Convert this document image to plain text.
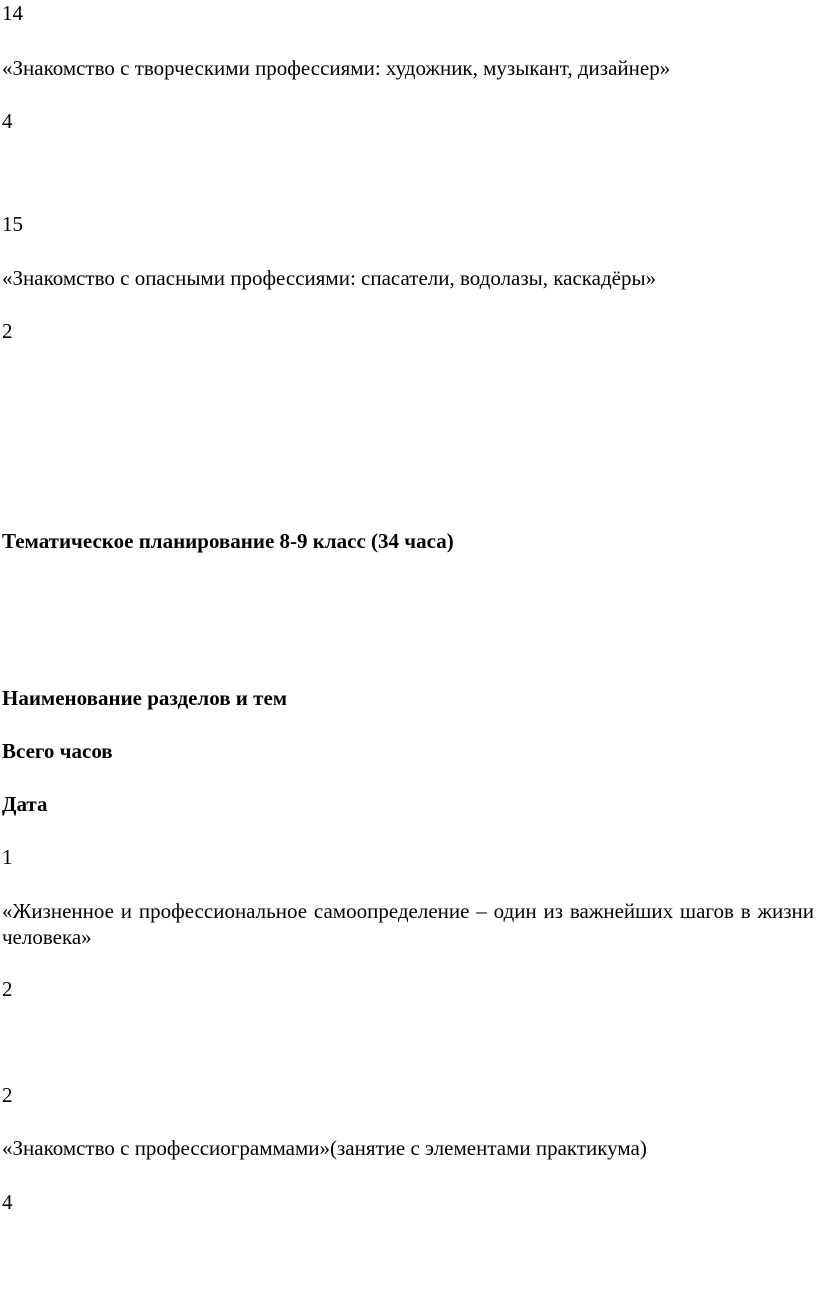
14
«Знакомство с творческими профессиями: художник, музыкант, дизайнер»
4
15
«Знакомство с опасными профессиями: спасатели, водолазы, каскадёры»
2
Тематическое планирование 8-9 класс (34 часа)
Наименование разделов и тем
Всего часов
Дата
1
«Жизненное и профессиональное самоопределение – один из важнейших шагов в жизни человека»
2
2
«Знакомство с профессиограммами»(занятие с элементами практикума)
4
